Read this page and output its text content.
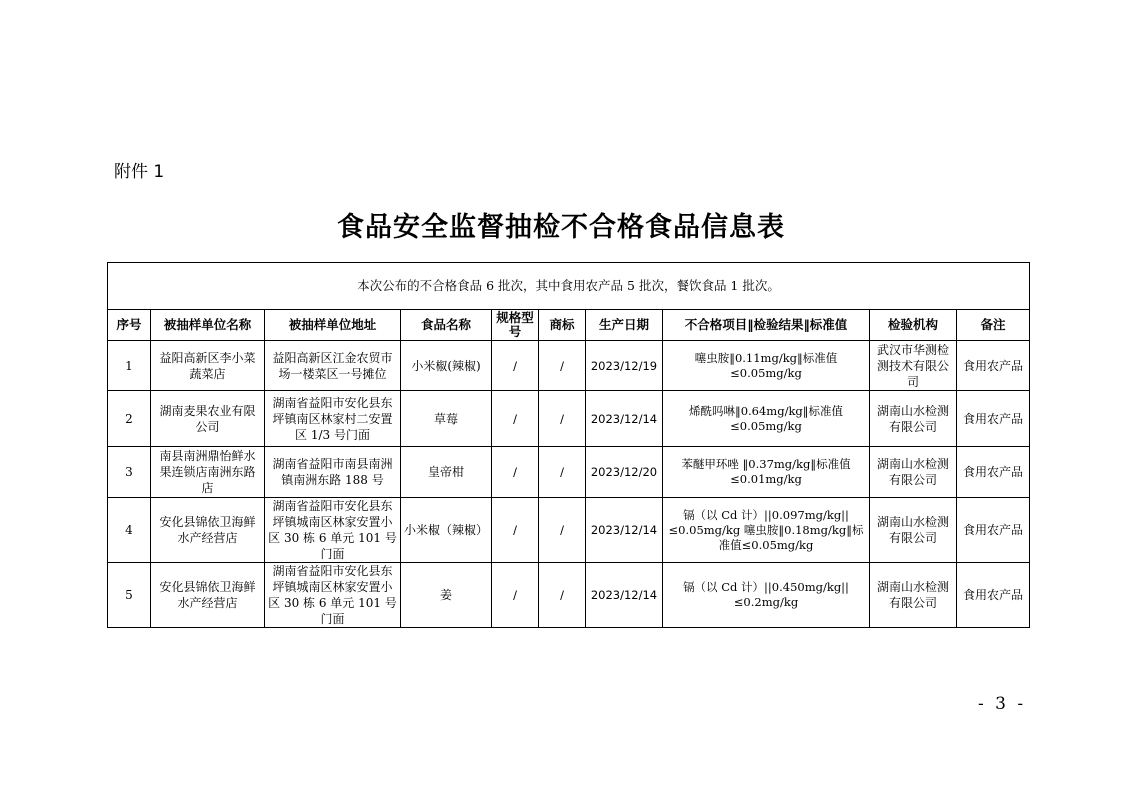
附件 1
食品安全监督抽检不合格食品信息表
本次公布的不合格食品 6 批次，其中食用农产品 5 批次，餐饮食品 1 批次。									
序号	被抽样单位名称	被抽样单位地址	食品名称	规格型号	商标	生产日期	不合格项目‖检验结果‖标准值	检验机构	备注
1	益阳高新区李小菜蔬菜店	益阳高新区江金农贸市场一楼菜区一号摊位	小米椒(辣椒)	/	/	2023/12/19	噻虫胺‖0.11mg/kg‖标准值≤0.05mg/kg	武汉市华测检测技术有限公司	食用农产品
2	湖南麦果农业有限公司	湖南省益阳市安化县东坪镇南区林家村二安置区 1/3 号门面	草莓	/	/	2023/12/14	烯酰吗啉‖0.64mg/kg‖标准值≤0.05mg/kg	湖南山水检测有限公司	食用农产品
3	南县南洲鼎怡鲜水果连锁店南洲东路店	湖南省益阳市南县南洲镇南洲东路 188 号	皇帝柑	/	/	2023/12/20	苯醚甲环唑 ‖0.37mg/kg‖标准值≤0.01mg/kg	湖南山水检测有限公司	食用农产品
4	安化县锦依卫海鲜水产经营店	湖南省益阳市安化县东坪镇城南区林家安置小区 30 栋 6 单元 101 号门面	小米椒（辣椒）	/	/	2023/12/14	镉（以 Cd 计）||0.097mg/kg||≤0.05mg/kg 噻虫胺‖0.18mg/kg‖标准值≤0.05mg/kg	湖南山水检测有限公司	食用农产品
5	安化县锦依卫海鲜水产经营店	湖南省益阳市安化县东坪镇城南区林家安置小区 30 栋 6 单元 101 号门面	姜	/	/	2023/12/14	镉（以 Cd 计）||0.450mg/kg||≤0.2mg/kg	湖南山水检测有限公司	食用农产品
- 3 -
